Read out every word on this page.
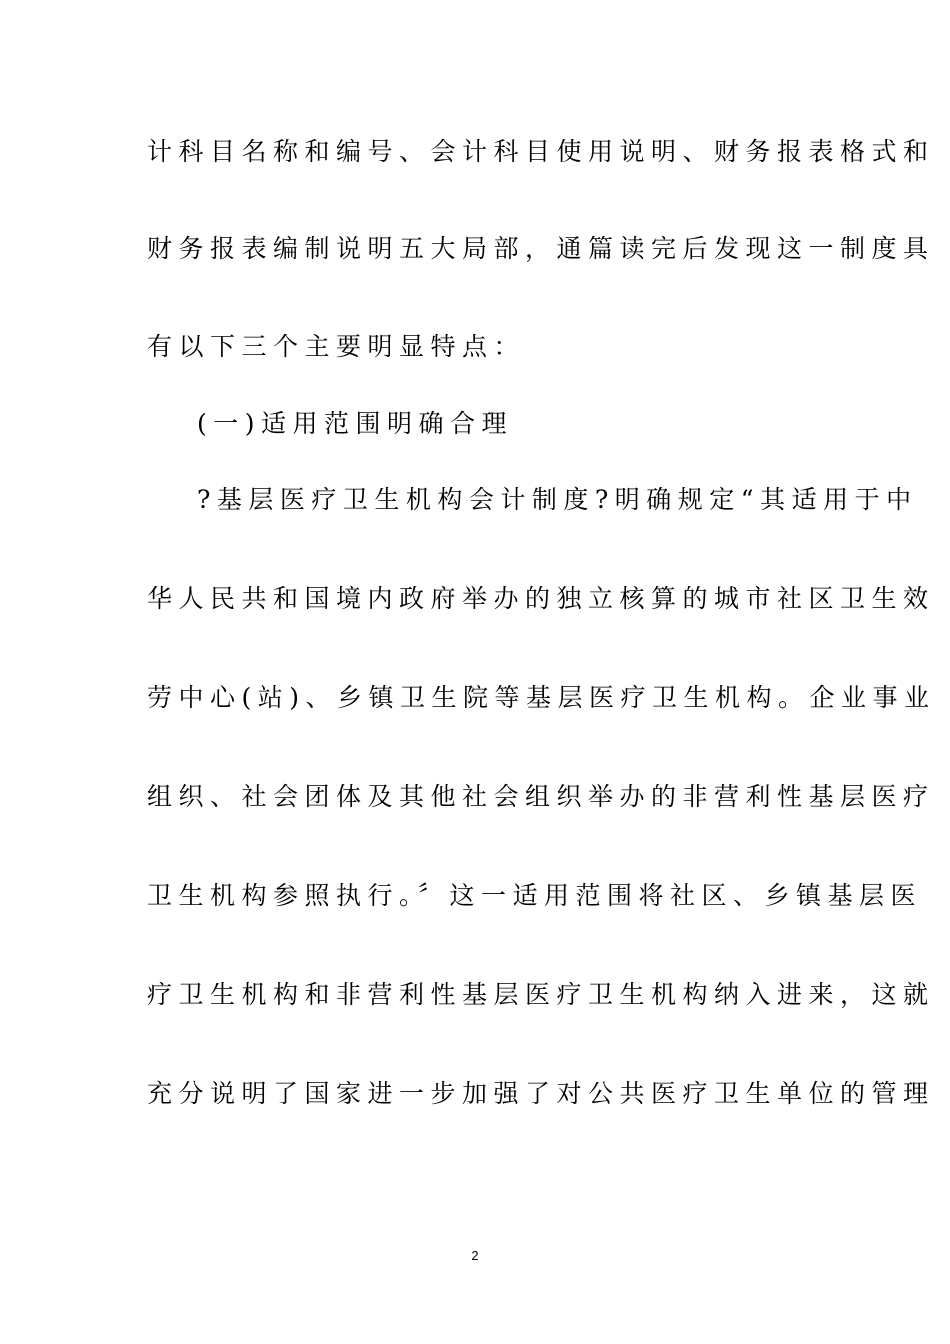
计科目名称和编号、会计科目使用说明、财务报表格式和
财务报表编制说明五大局部，通篇读完后发现这一制度具
有以下三个主要明显特点：
(一)适用范围明确合理
?基层医疗卫生机构会计制度?明确规定“其适用于中
华人民共和国境内政府举办的独立核算的城市社区卫生效
劳中心(站)、乡镇卫生院等基层医疗卫生机构。企业事业
组织、社会团体及其他社会组织举办的非营利性基层医疗
卫生机构参照执行。〞这一适用范围将社区、乡镇基层医
疗卫生机构和非营利性基层医疗卫生机构纳入进来，这就
充分说明了国家进一步加强了对公共医疗卫生单位的管理
2
